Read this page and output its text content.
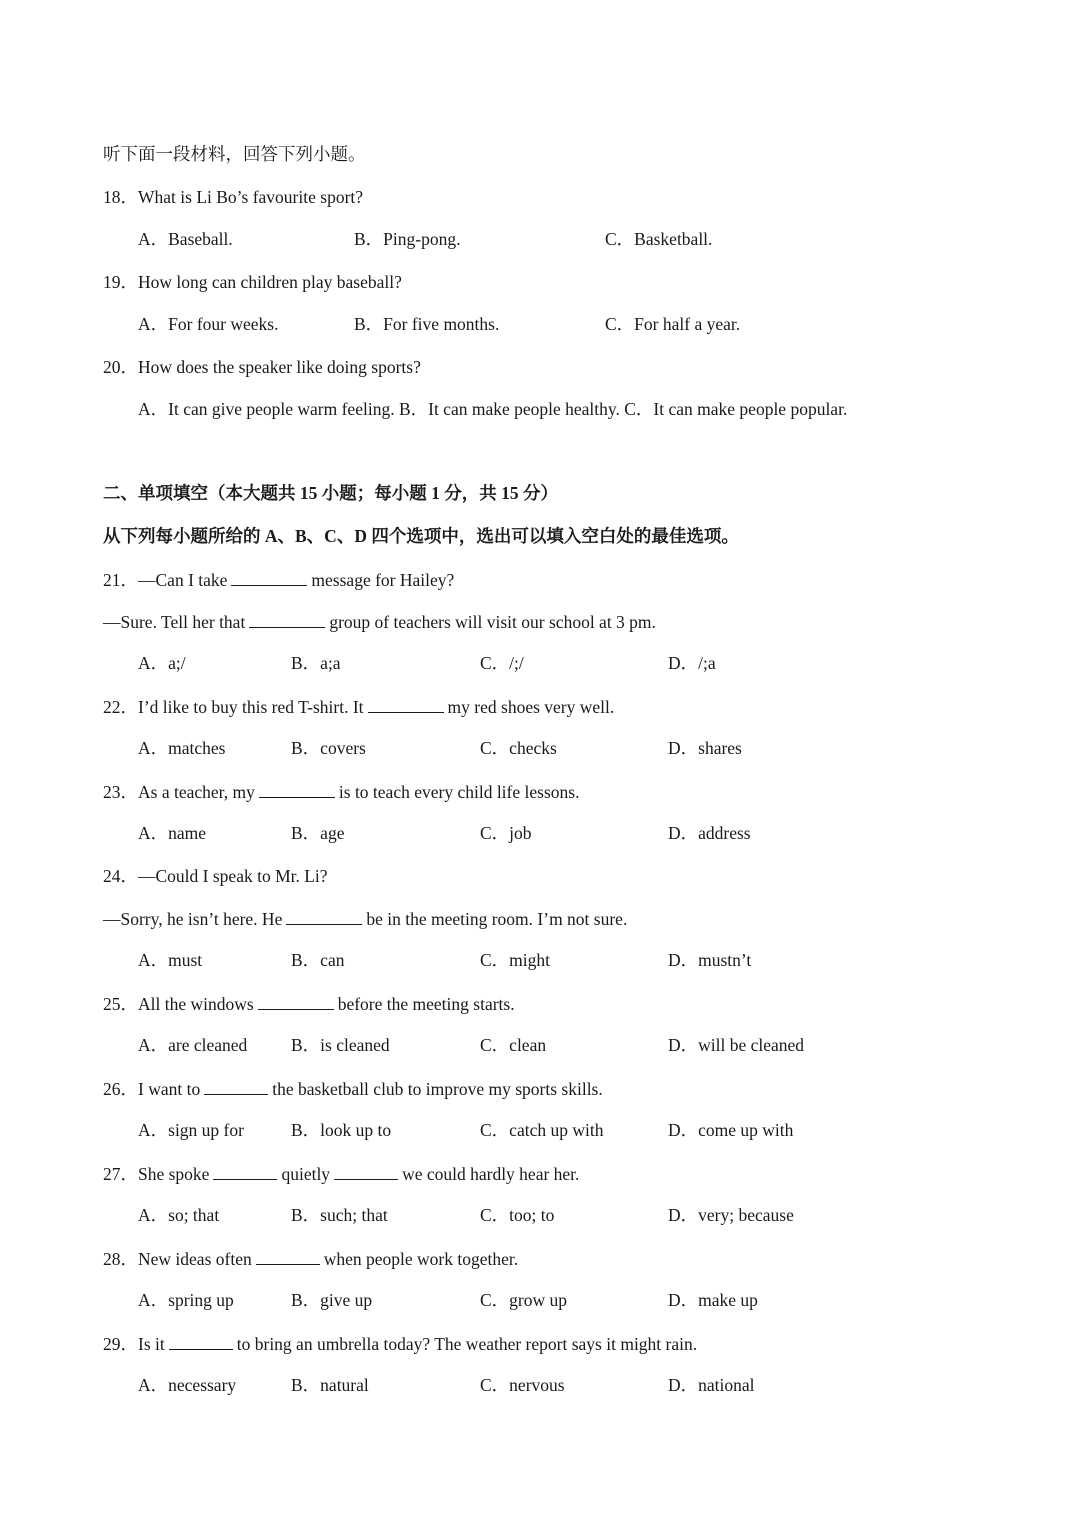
听下面一段材料，回答下列小题。
18．What is Li Bo’s favourite sport?
A．Baseball.	B．Ping-pong.	C．Basketball.
19．How long can children play baseball?
A．For four weeks.	B．For five months.	C．For half a year.
20．How does the speaker like doing sports?
A．It can give people warm feeling. B．It can make people healthy. C．It can make people popular.
二、单项填空（本大题共 15 小题；每小题 1 分，共 15 分）
从下列每小题所给的 A、B、C、D 四个选项中，选出可以填入空白处的最佳选项。
21．—Can I take	message for Hailey?
—Sure. Tell her that	group of teachers will visit our school at 3 pm.
A．a;/	B．a;a	C．/;/	D．/;a
22．I’d like to buy this red T-shirt. It	my red shoes very well.
A．matches	B．covers	C．checks	D．shares
23．As a teacher, my	is to teach every child life lessons.
A．name	B．age	C．job	D．address
24．—Could I speak to Mr. Li?
—Sorry, he isn’t here. He	be in the meeting room. I’m not sure.
A．must	B．can	C．might	D．mustn’t
25．All the windows	before the meeting starts.
A．are cleaned B．is cleaned	C．clean	D．will be cleaned
26．I want to	the basketball club to improve my sports skills.
A．sign up for	B．look up to	C．catch up with	D．come up with
27．She spoke	quietly	we could hardly hear her.
A．so; that	B．such; that	C．too; to	D．very; because
28．New ideas often	when people work together.
A．spring up	B．give up	C．grow up	D．make up
29．Is it	to bring an umbrella today? The weather report says it might rain.
A．necessary	B．natural	C．nervous	D．national
